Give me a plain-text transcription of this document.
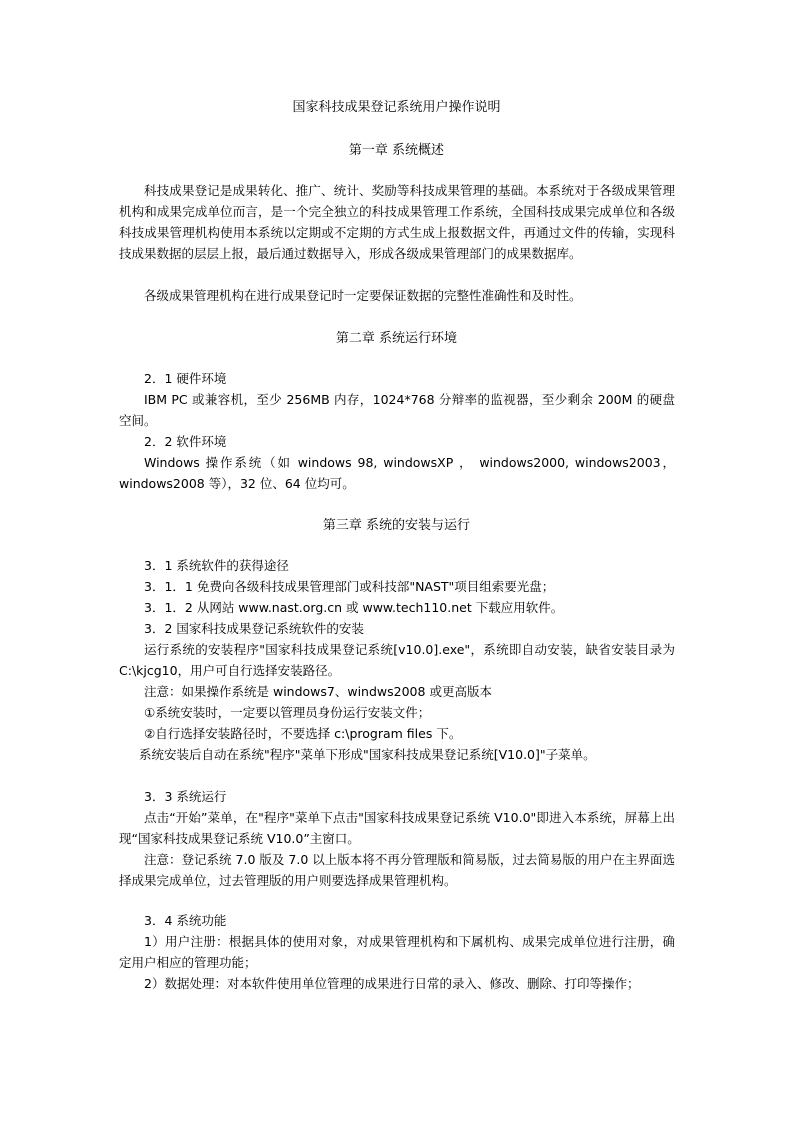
国家科技成果登记系统用户操作说明
第一章 系统概述

科技成果登记是成果转化、推广、统计、奖励等科技成果管理的基础。本系统对于各级成果管理机构和成果完成单位而言，是一个完全独立的科技成果管理工作系统，全国科技成果完成单位和各级科技成果管理机构使用本系统以定期或不定期的方式生成上报数据文件，再通过文件的传输，实现科技成果数据的层层上报，最后通过数据导入，形成各级成果管理部门的成果数据库。

各级成果管理机构在进行成果登记时一定要保证数据的完整性准确性和及时性。

第二章 系统运行环境

2．1 硬件环境

IBM PC 或兼容机，至少 256MB 内存，1024*768 分辩率的监视器，至少剩余 200M 的硬盘空间。

2．2 软件环境

Windows 操作系统（如 windows 98, windowsXP ， windows2000, windows2003，windows2008 等），32 位、64 位均可。

第三章 系统的安装与运行

3．1 系统软件的获得途径

3．1．1 免费向各级科技成果管理部门或科技部"NAST"项目组索要光盘；

3．1．2 从网站 www.nast.org.cn 或 www.tech110.net 下载应用软件。

3．2 国家科技成果登记系统软件的安装

运行系统的安装程序"国家科技成果登记系统[v10.0].exe"，系统即自动安装，缺省安装目录为 C:\kjcg10，用户可自行选择安装路径。

注意：如果操作系统是 windows7、windws2008 或更高版本

①系统安装时，一定要以管理员身份运行安装文件；

②自行选择安装路径时，不要选择 c:\program files 下。

系统安装后自动在系统"程序"菜单下形成"国家科技成果登记系统[V10.0]"子菜单。

3．3 系统运行

点击“开始”菜单，在"程序"菜单下点击"国家科技成果登记系统 V10.0"即进入本系统，屏幕上出现“国家科技成果登记系统 V10.0”主窗口。

注意：登记系统 7.0 版及 7.0 以上版本将不再分管理版和简易版，过去简易版的用户在主界面选择成果完成单位，过去管理版的用户则要选择成果管理机构。

3．4 系统功能

1）用户注册：根据具体的使用对象，对成果管理机构和下属机构、成果完成单位进行注册，确定用户相应的管理功能；

2）数据处理：对本软件使用单位管理的成果进行日常的录入、修改、删除、打印等操作；
